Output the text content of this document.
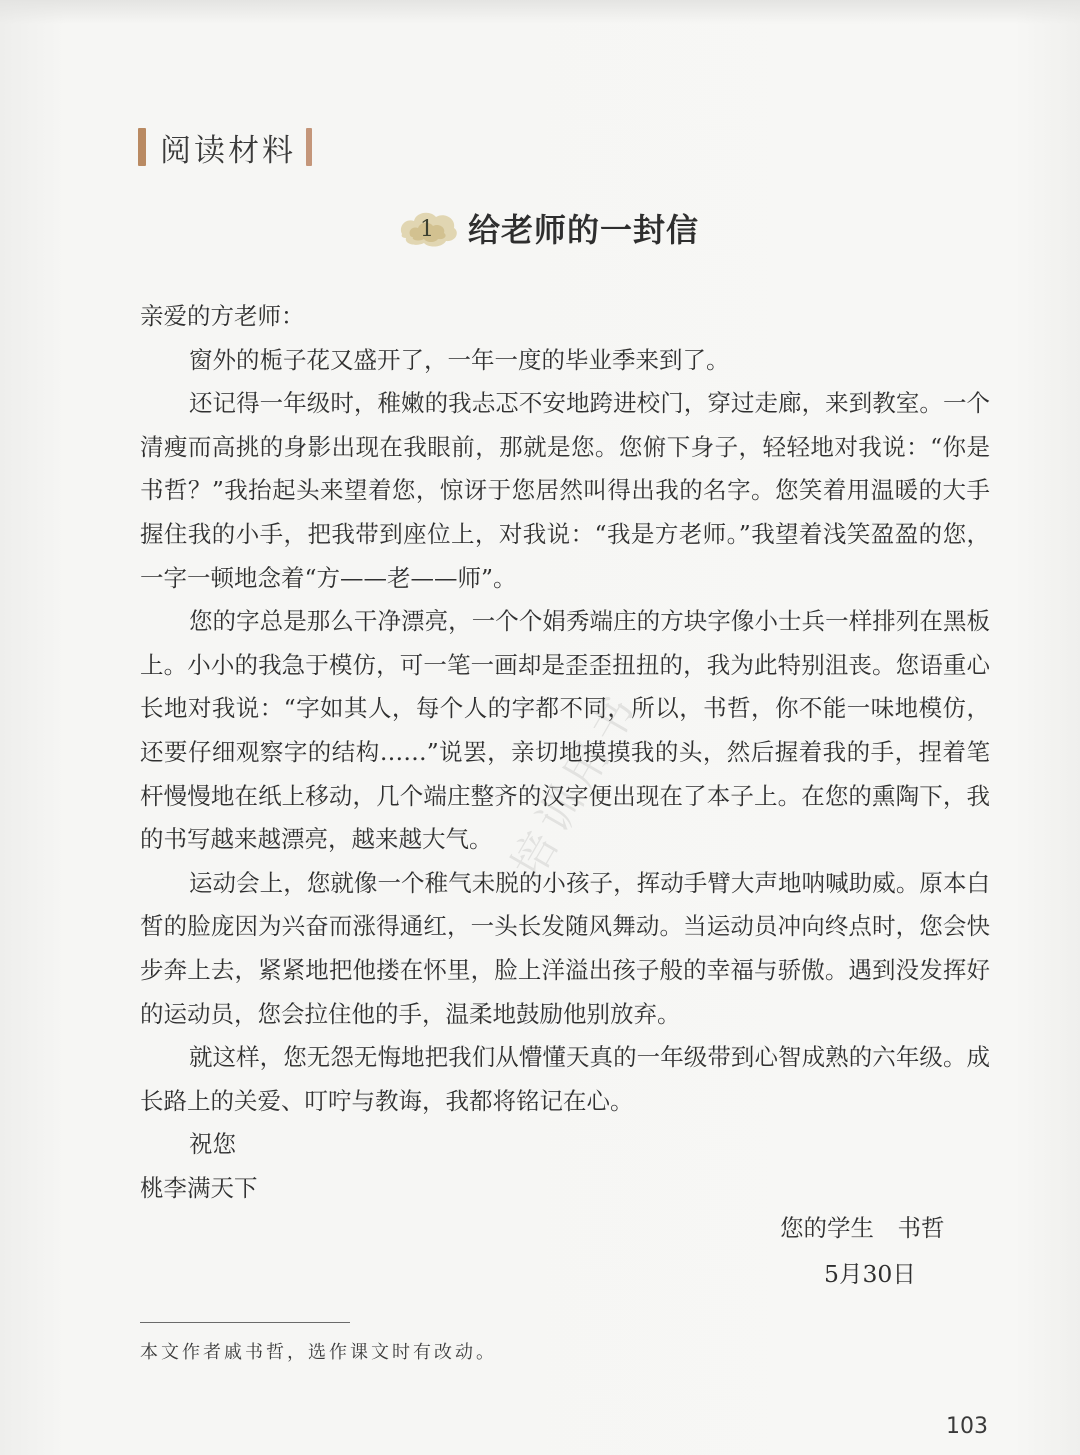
阅读材料
1 给老师的一封信
培训用书

亲爱的方老师：

窗外的栀子花又盛开了，一年一度的毕业季来到了。

还记得一年级时，稚嫩的我忐忑不安地跨进校门，穿过走廊，来到教室。一个清瘦而高挑的身影出现在我眼前，那就是您。您俯下身子，轻轻地对我说：“你是书哲？”我抬起头来望着您，惊讶于您居然叫得出我的名字。您笑着用温暖的大手握住我的小手，把我带到座位上，对我说：“我是方老师。”我望着浅笑盈盈的您，一字一顿地念着“方——老——师”。

您的字总是那么干净漂亮，一个个娟秀端庄的方块字像小士兵一样排列在黑板上。小小的我急于模仿，可一笔一画却是歪歪扭扭的，我为此特别沮丧。您语重心长地对我说：“字如其人，每个人的字都不同，所以，书哲，你不能一味地模仿，还要仔细观察字的结构……”说罢，亲切地摸摸我的头，然后握着我的手，捏着笔杆慢慢地在纸上移动，几个端庄整齐的汉字便出现在了本子上。在您的熏陶下，我的书写越来越漂亮，越来越大气。

运动会上，您就像一个稚气未脱的小孩子，挥动手臂大声地呐喊助威。原本白皙的脸庞因为兴奋而涨得通红，一头长发随风舞动。当运动员冲向终点时，您会快步奔上去，紧紧地把他搂在怀里，脸上洋溢出孩子般的幸福与骄傲。遇到没发挥好的运动员，您会拉住他的手，温柔地鼓励他别放弃。

就这样，您无怨无悔地把我们从懵懂天真的一年级带到心智成熟的六年级。成长路上的关爱、叮咛与教诲，我都将铭记在心。

祝您

桃李满天下

您的学生　书哲
5月30日
本文作者戚书哲，选作课文时有改动。
103
